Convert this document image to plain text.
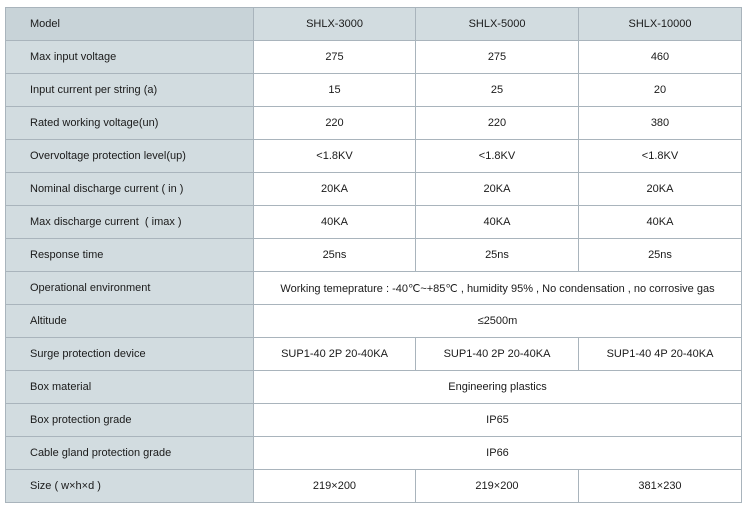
Model	SHLX-3000	SHLX-5000	SHLX-10000
Max input voltage	275	275	460
Input current per string (a)	15	25	20
Rated working voltage(un)	220	220	380
Overvoltage protection level(up)	<1.8KV	<1.8KV	<1.8KV
Nominal discharge current ( in )	20KA	20KA	20KA
Max discharge current  ( imax )	40KA	40KA	40KA
Response time	25ns	25ns	25ns
Operational environment	Working temeprature : -40℃~+85℃ , humidity 95% , No condensation , no corrosive gas		
Altitude	≤2500m		
Surge protection device	SUP1-40 2P 20-40KA	SUP1-40 2P 20-40KA	SUP1-40 4P 20-40KA
Box material	Engineering plastics		
Box protection grade	IP65		
Cable gland protection grade	IP66		
Size ( w×h×d )	219×200	219×200	381×230
